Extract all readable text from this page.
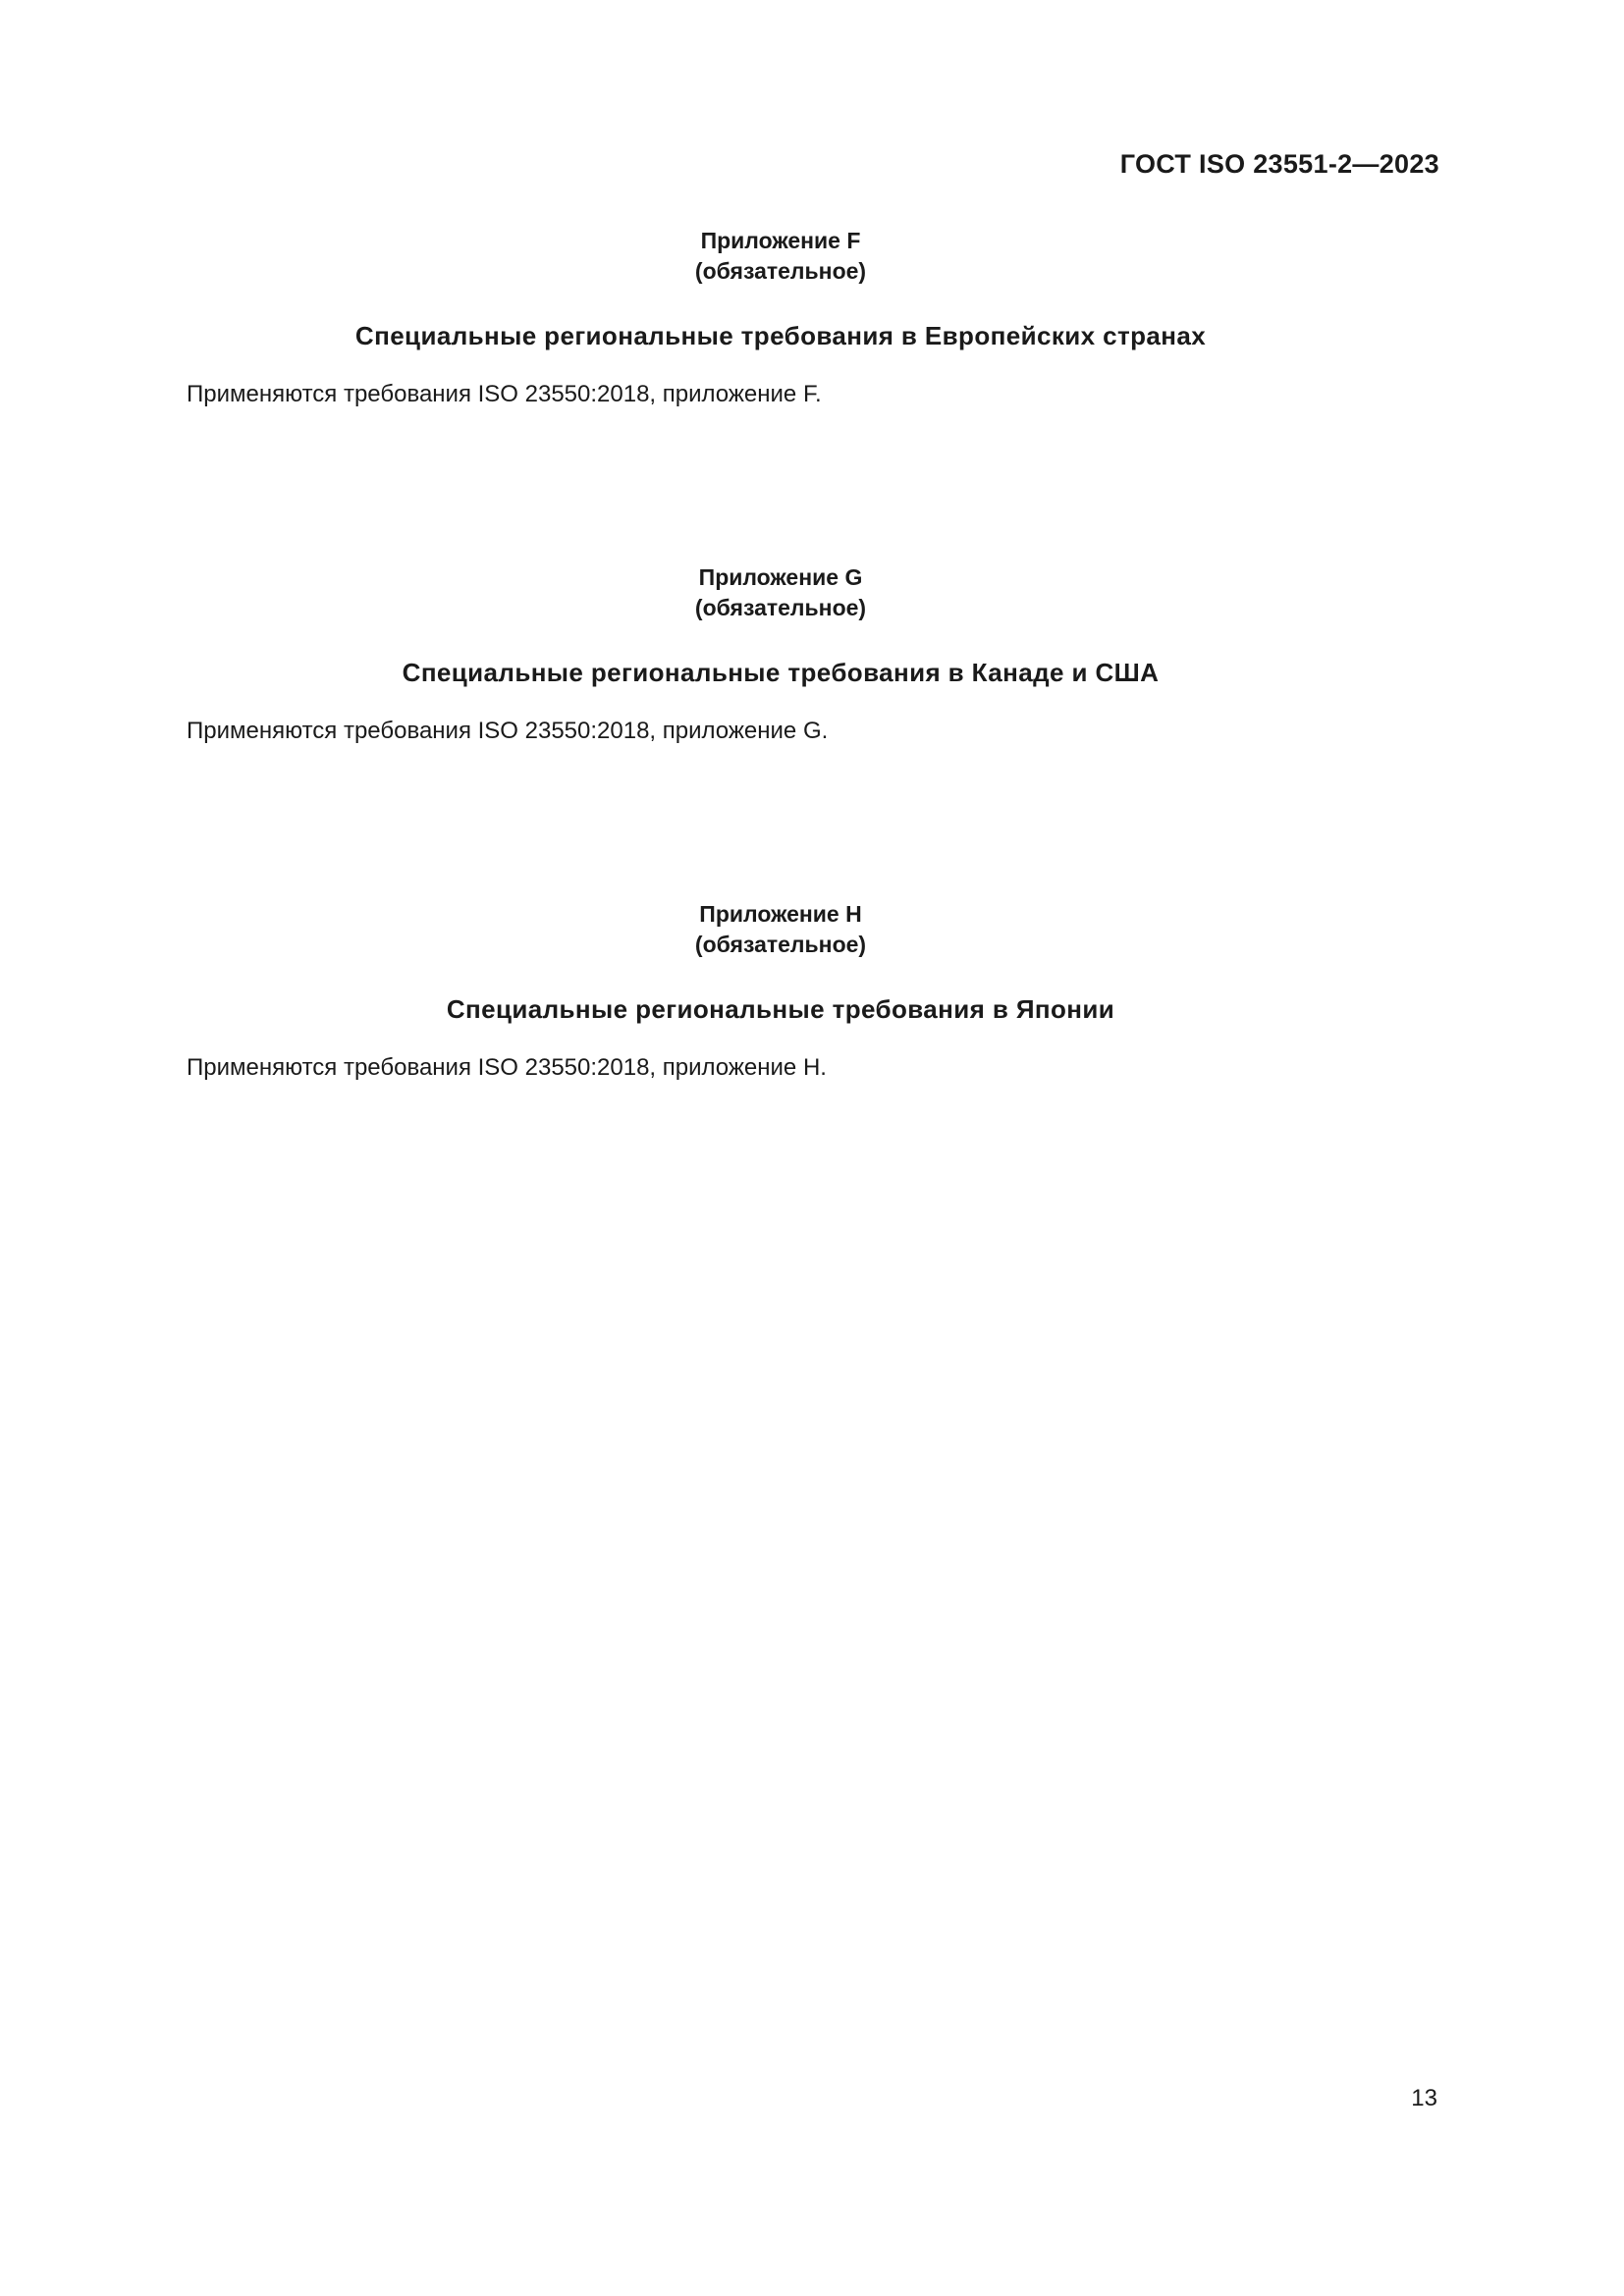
ГОСТ ISO 23551-2—2023

Приложение F

(обязательное)

Специальные региональные требования в Европейских странах

Применяются требования ISO 23550:2018, приложение F.

Приложение G

(обязательное)

Специальные региональные требования в Канаде и США

Применяются требования ISO 23550:2018, приложение G.

Приложение H

(обязательное)

Специальные региональные требования в Японии

Применяются требования ISO 23550:2018, приложение H.

13
